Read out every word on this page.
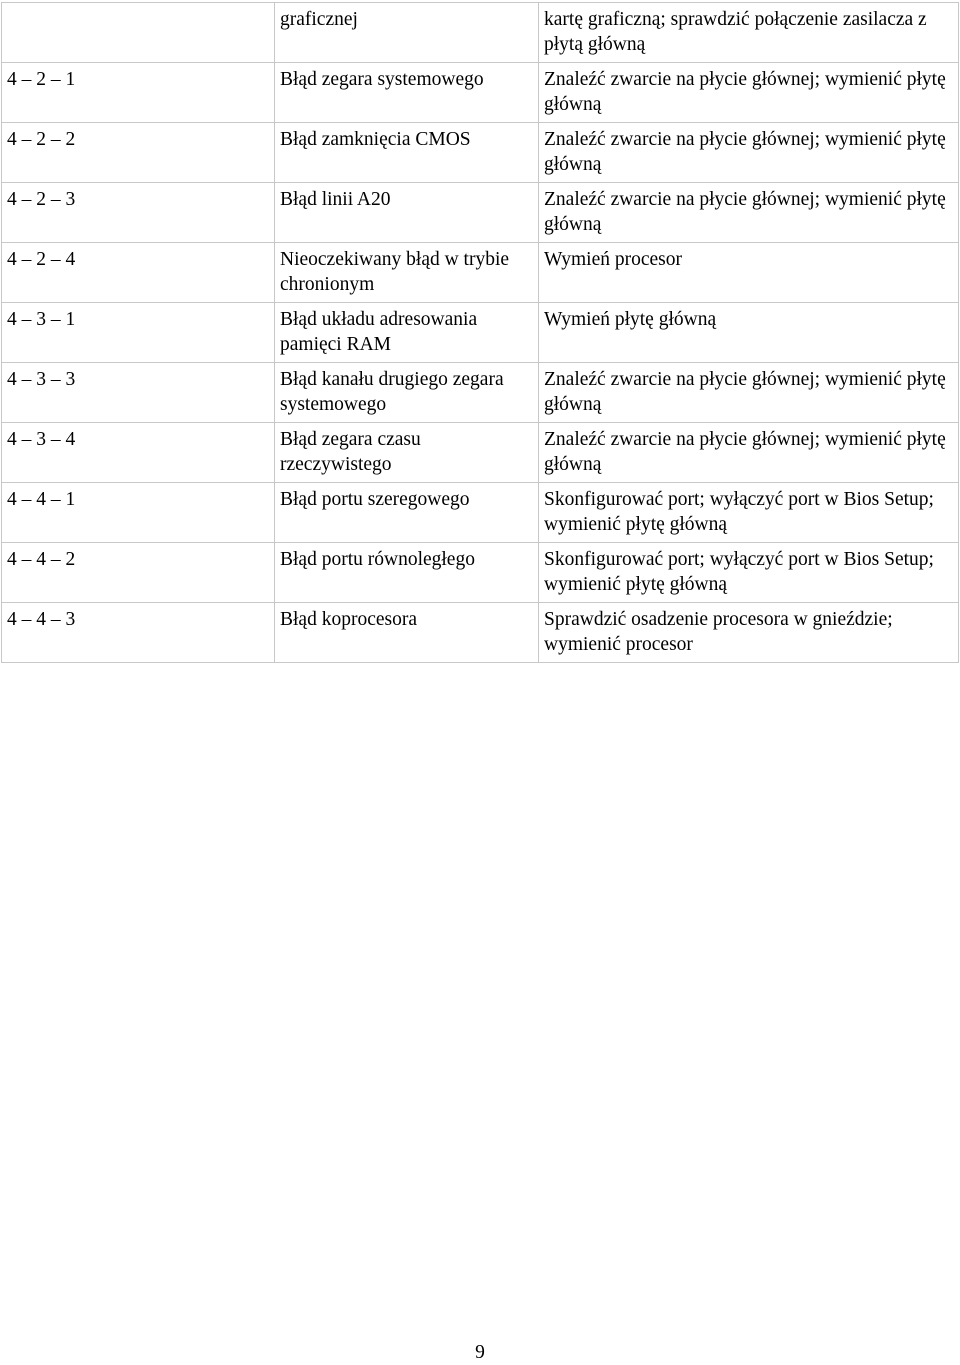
	graficznej	kartę graficzną; sprawdzić połączenie zasilacza z płytą główną
4 – 2 – 1	Błąd zegara systemowego	Znaleźć zwarcie na płycie głównej; wymienić płytę główną
4 – 2 – 2	Błąd zamknięcia CMOS	Znaleźć zwarcie na płycie głównej; wymienić płytę główną
4 – 2 – 3	Błąd linii A20	Znaleźć zwarcie na płycie głównej; wymienić płytę główną
4 – 2 – 4	Nieoczekiwany błąd w trybie chronionym	Wymień procesor
4 – 3 – 1	Błąd układu adresowania pamięci RAM	Wymień płytę główną
4 – 3 – 3	Błąd kanału drugiego zegara systemowego	Znaleźć zwarcie na płycie głównej; wymienić płytę główną
4 – 3 – 4	Błąd zegara czasu rzeczywistego	Znaleźć zwarcie na płycie głównej; wymienić płytę główną
4 – 4 – 1	Błąd portu szeregowego	Skonfigurować port; wyłączyć port w Bios Setup; wymienić płytę główną
4 – 4 – 2	Błąd portu równoległego	Skonfigurować port; wyłączyć port w Bios Setup; wymienić płytę główną
4 – 4 – 3	Błąd koprocesora	Sprawdzić osadzenie procesora w gnieździe; wymienić procesor
9
